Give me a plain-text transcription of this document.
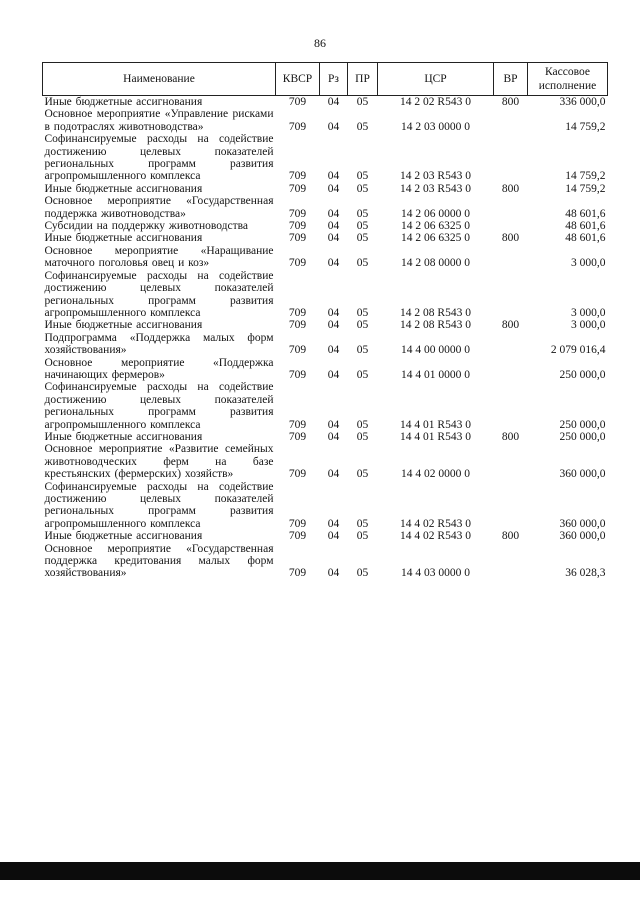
86
Наименование	КВСР	Рз	ПР	ЦСР	ВР	Кассовое исполнение
Иные бюджетные ассигнования	709	04	05	14 2 02 R543 0	800	336 000,0
Основное мероприятие «Управление рисками в подотраслях животноводства»	709	04	05	14 2 03 0000 0		14 759,2
Софинансируемые расходы на содействие достижению целевых показателей региональных программ развития агропромышленного комплекса	709	04	05	14 2 03 R543 0		14 759,2
Иные бюджетные ассигнования	709	04	05	14 2 03 R543 0	800	14 759,2
Основное мероприятие «Государственная поддержка животноводства»	709	04	05	14 2 06 0000 0		48 601,6
Субсидии на поддержку животноводства	709	04	05	14 2 06 6325 0		48 601,6
Иные бюджетные ассигнования	709	04	05	14 2 06 6325 0	800	48 601,6
Основное мероприятие «Наращивание маточного поголовья овец и коз»	709	04	05	14 2 08 0000 0		3 000,0
Софинансируемые расходы на содействие достижению целевых показателей региональных программ развития агропромышленного комплекса	709	04	05	14 2 08 R543 0		3 000,0
Иные бюджетные ассигнования	709	04	05	14 2 08 R543 0	800	3 000,0
Подпрограмма «Поддержка малых форм хозяйствования»	709	04	05	14 4 00 0000 0		2 079 016,4
Основное мероприятие «Поддержка начинающих фермеров»	709	04	05	14 4 01 0000 0		250 000,0
Софинансируемые расходы на содействие достижению целевых показателей региональных программ развития агропромышленного комплекса	709	04	05	14 4 01 R543 0		250 000,0
Иные бюджетные ассигнования	709	04	05	14 4 01 R543 0	800	250 000,0
Основное мероприятие «Развитие семейных животноводческих ферм на базе крестьянских (фермерских) хозяйств»	709	04	05	14 4 02 0000 0		360 000,0
Софинансируемые расходы на содействие достижению целевых показателей региональных программ развития агропромышленного комплекса	709	04	05	14 4 02 R543 0		360 000,0
Иные бюджетные ассигнования	709	04	05	14 4 02 R543 0	800	360 000,0
Основное мероприятие «Государственная поддержка кредитования малых форм хозяйствования»	709	04	05	14 4 03 0000 0		36 028,3
